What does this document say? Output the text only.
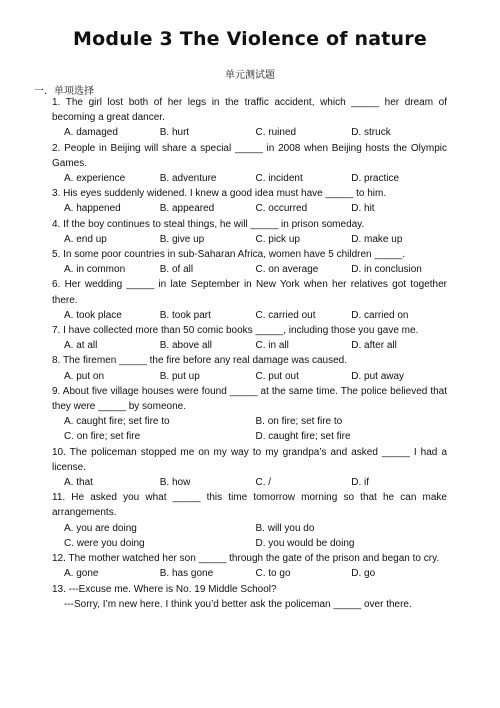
Module 3 The Violence of nature
单元测试题
一．单项选择
1. The girl lost both of her legs in the traffic accident, which _____ her dream of becoming a great dancer.
A. damaged	B. hurt	C. ruined	D. struck
2. People in Beijing will share a special _____ in 2008 when Beijing hosts the Olympic Games.
A. experience	B. adventure	C. incident	D. practice
3. His eyes suddenly widened. I knew a good idea must have _____ to him.
A. happened	B. appeared	C. occurred	D. hit
4. If the boy continues to steal things, he will _____ in prison someday.
A. end up	B. give up	C. pick up	D. make up
5. In some poor countries in sub-Saharan Africa, women have 5 children _____.
A. in common	B. of all	C. on average	D. in conclusion
6. Her wedding _____ in late September in New York when her relatives got together there.
A. took place	B. took part	C. carried out	D. carried on
7. I have collected more than 50 comic books _____, including those you gave me.
A. at all	B. above all	C. in all	D. after all
8. The firemen _____ the fire before any real damage was caused.
A. put on	B. put up	C. put out	D. put away
9. About five village houses were found _____ at the same time. The police believed that they were _____ by someone.
A. caught fire; set fire to	B. on fire; set fire to
C. on fire; set fire	D. caught fire; set fire
10. The policeman stopped me on my way to my grandpa’s and asked _____ I had a license.
A. that	B. how	C. /	D. if
11. He asked you what _____ this time tomorrow morning so that he can make arrangements.
A. you are doing	B. will you do
C. were you doing	D. you would be doing
12. The mother watched her son _____ through the gate of the prison and began to cry.
A. gone	B. has gone	C. to go	D. go
13. ---Excuse me. Where is No. 19 Middle School?
---Sorry, I’m new here. I think you’d better ask the policeman _____ over there.
